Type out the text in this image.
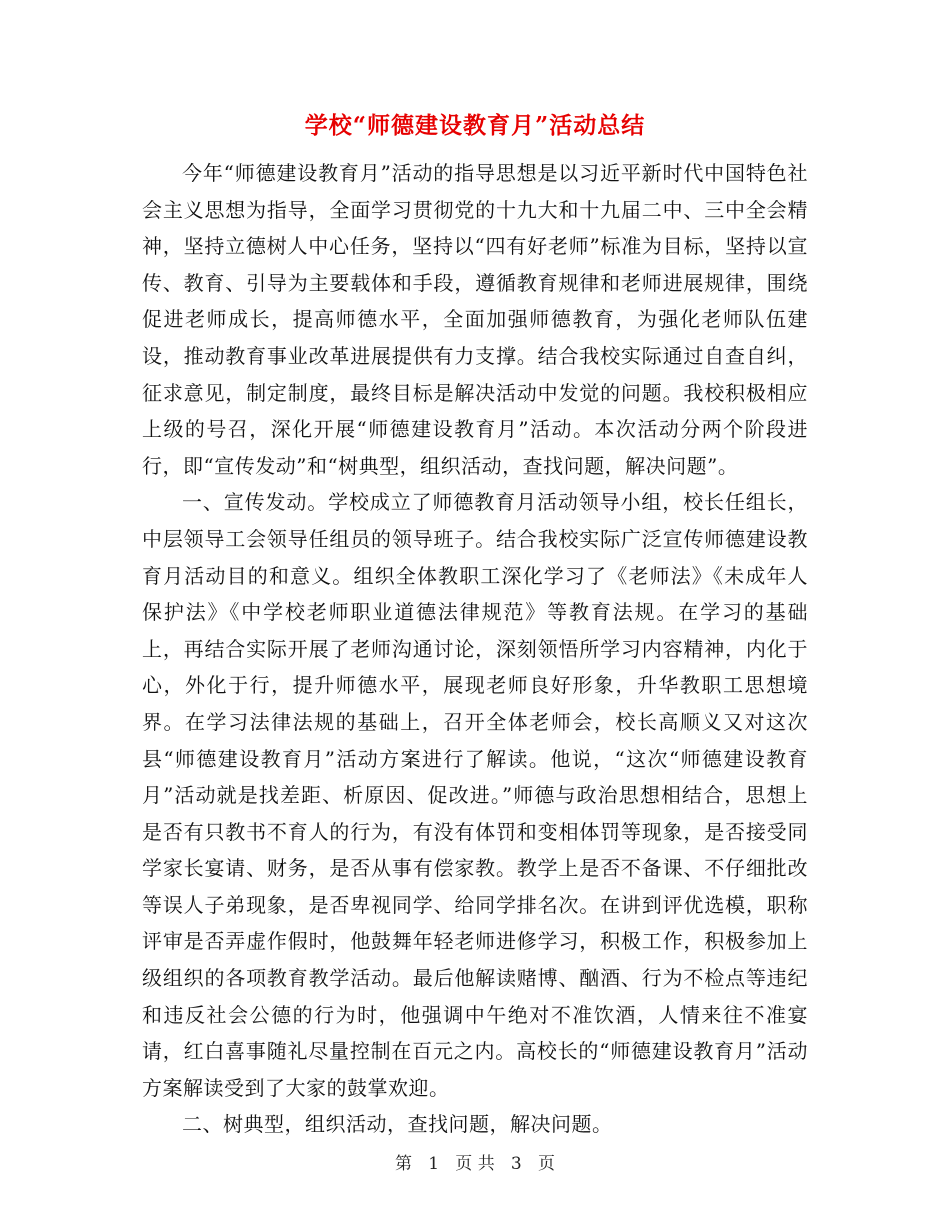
学校“师德建设教育月”活动总结

今年“师德建设教育月”活动的指导思想是以习近平新时代中国特色社会主义思想为指导，全面学习贯彻党的十九大和十九届二中、三中全会精神，坚持立德树人中心任务，坚持以“四有好老师”标准为目标，坚持以宣传、教育、引导为主要载体和手段，遵循教育规律和老师进展规律，围绕促进老师成长，提高师德水平，全面加强师德教育，为强化老师队伍建设，推动教育事业改革进展提供有力支撑。结合我校实际通过自查自纠，征求意见，制定制度，最终目标是解决活动中发觉的问题。我校积极相应上级的号召，深化开展“师德建设教育月”活动。本次活动分两个阶段进行，即“宣传发动”和“树典型，组织活动，查找问题，解决问题”。

一、宣传发动。学校成立了师德教育月活动领导小组，校长任组长，中层领导工会领导任组员的领导班子。结合我校实际广泛宣传师德建设教育月活动目的和意义。组织全体教职工深化学习了《老师法》《未成年人保护法》《中学校老师职业道德法律规范》等教育法规。在学习的基础上，再结合实际开展了老师沟通讨论，深刻领悟所学习内容精神，内化于心，外化于行，提升师德水平，展现老师良好形象，升华教职工思想境界。在学习法律法规的基础上，召开全体老师会，校长高顺义又对这次县“师德建设教育月”活动方案进行了解读。他说，“这次“师德建设教育月”活动就是找差距、析原因、促改进。”师德与政治思想相结合，思想上是否有只教书不育人的行为，有没有体罚和变相体罚等现象，是否接受同学家长宴请、财务，是否从事有偿家教。教学上是否不备课、不仔细批改等误人子弟现象，是否卑视同学、给同学排名次。在讲到评优选模，职称评审是否弄虚作假时，他鼓舞年轻老师进修学习，积极工作，积极参加上级组织的各项教育教学活动。最后他解读赌博、酗酒、行为不检点等违纪和违反社会公德的行为时，他强调中午绝对不准饮酒，人情来往不准宴请，红白喜事随礼尽量控制在百元之内。高校长的“师德建设教育月”活动方案解读受到了大家的鼓掌欢迎。

二、树典型，组织活动，查找问题，解决问题。

第 1 页 共 3 页
